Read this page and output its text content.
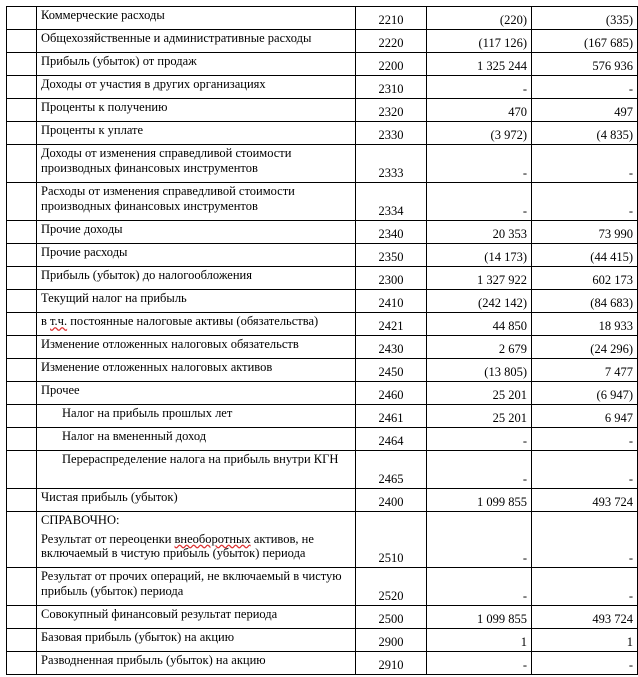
	Коммерческие расходы	2210	(220)	(335)
	Общехозяйственные и административные расходы	2220	(117 126)	(167 685)
	Прибыль (убыток) от продаж	2200	1 325 244	576 936
	Доходы от участия в других организациях	2310	-	-
	Проценты к получению	2320	470	497
	Проценты к уплате	2330	(3 972)	(4 835)
	Доходы от изменения справедливой стоимости производных финансовых инструментов	2333	-	-
	Расходы от изменения справедливой стоимости производных финансовых инструментов	2334	-	-
	Прочие доходы	2340	20 353	73 990
	Прочие расходы	2350	(14 173)	(44 415)
	Прибыль (убыток) до налогообложения	2300	1 327 922	602 173
	Текущий налог на прибыль	2410	(242 142)	(84 683)
	в т.ч. постоянные налоговые активы (обязательства)	2421	44 850	18 933
	Изменение отложенных налоговых обязательств	2430	2 679	(24 296)
	Изменение отложенных налоговых активов	2450	(13 805)	7 477
	Прочее	2460	25 201	(6 947)
	Налог на прибыль прошлых лет	2461	25 201	6 947
	Налог на вмененный доход	2464	-	-
	Перераспределение налога на прибыль внутри КГН	2465	-	-
	Чистая прибыль (убыток)	2400	1 099 855	493 724

	СПРАВОЧНО:
Результат от переоценки внеоборотных активов, не включаемый в чистую прибыль (убыток) периода	2510	-	-
	Результат от прочих операций, не включаемый в чистую прибыль (убыток) периода	2520	-	-
	Совокупный финансовый результат периода	2500	1 099 855	493 724
	Базовая прибыль (убыток) на акцию	2900	1	1
	Разводненная прибыль (убыток) на акцию	2910	-	-
